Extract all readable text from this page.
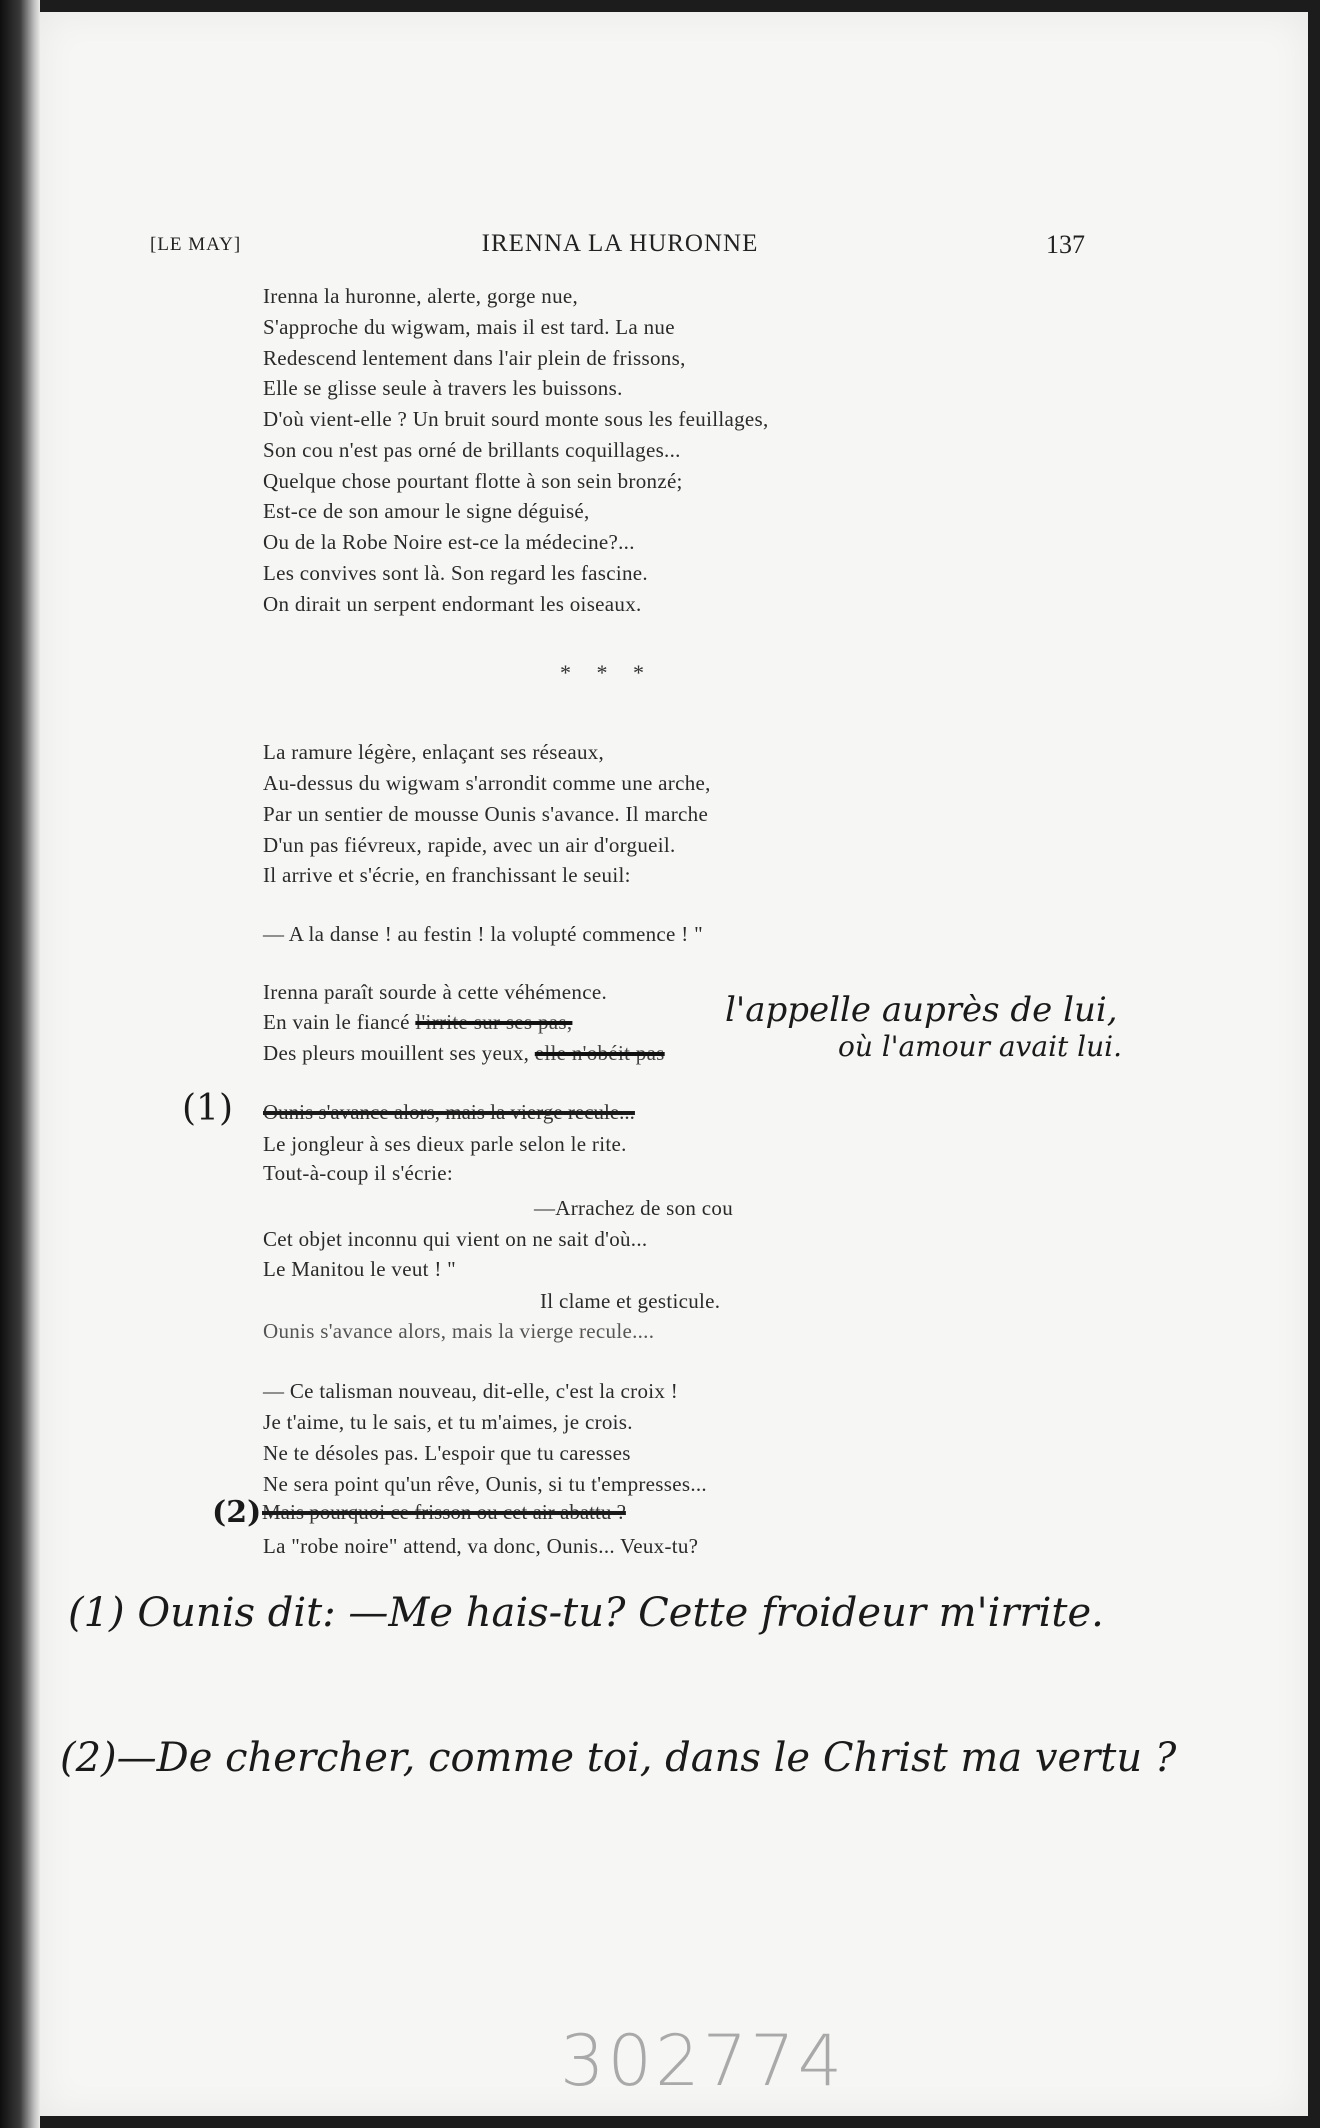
[LE MAY]	IRENNA LA HURONNE	137
Irenna la huronne, alerte, gorge nue,
S'approche du wigwam, mais il est tard. La nue
Redescend lentement dans l'air plein de frissons,
Elle se glisse seule à travers les buissons.
D'où vient-elle ? Un bruit sourd monte sous les feuillages,
Son cou n'est pas orné de brillants coquillages...
Quelque chose pourtant flotte à son sein bronzé;
Est-ce de son amour le signe déguisé,
Ou de la Robe Noire est-ce la médecine?...
Les convives sont là. Son regard les fascine.
On dirait un serpent endormant les oiseaux.
* * *
La ramure légère, enlaçant ses réseaux,
Au-dessus du wigwam s'arrondit comme une arche,
Par un sentier de mousse Ounis s'avance. Il marche
D'un pas fiévreux, rapide, avec un air d'orgueil.
Il arrive et s'écrie, en franchissant le seuil:
— A la danse ! au festin ! la volupté commence ! "
Irenna paraît sourde à cette véhémence.
En vain le fiancé l'irrite sur ses pas,	l'appelle auprès de lui,
Des pleurs mouillent ses yeux, elle n'obéit pas	où l'amour avait lui.
(1) Ounis s'avance alors, mais la vierge recule...
Le jongleur à ses dieux parle selon le rite.
Tout-à-coup il s'écrie:
—Arrachez de son cou
Cet objet inconnu qui vient on ne sait d'où...
Le Manitou le veut ! "
Il clame et gesticule.
Ounis s'avance alors, mais la vierge recule....
— Ce talisman nouveau, dit-elle, c'est la croix !
Je t'aime, tu le sais, et tu m'aimes, je crois.
Ne te désoles pas. L'espoir que tu caresses
Ne sera point qu'un rêve, Ounis, si tu t'empresses...
(2) Mais pourquoi ce frisson ou cet air abattu ?
La "robe noire" attend, va donc, Ounis... Veux-tu?
(1) Ounis dit: —Me hais-tu? Cette froideur m'irrite.
(2)—De chercher, comme toi, dans le Christ ma vertu ?
302774
